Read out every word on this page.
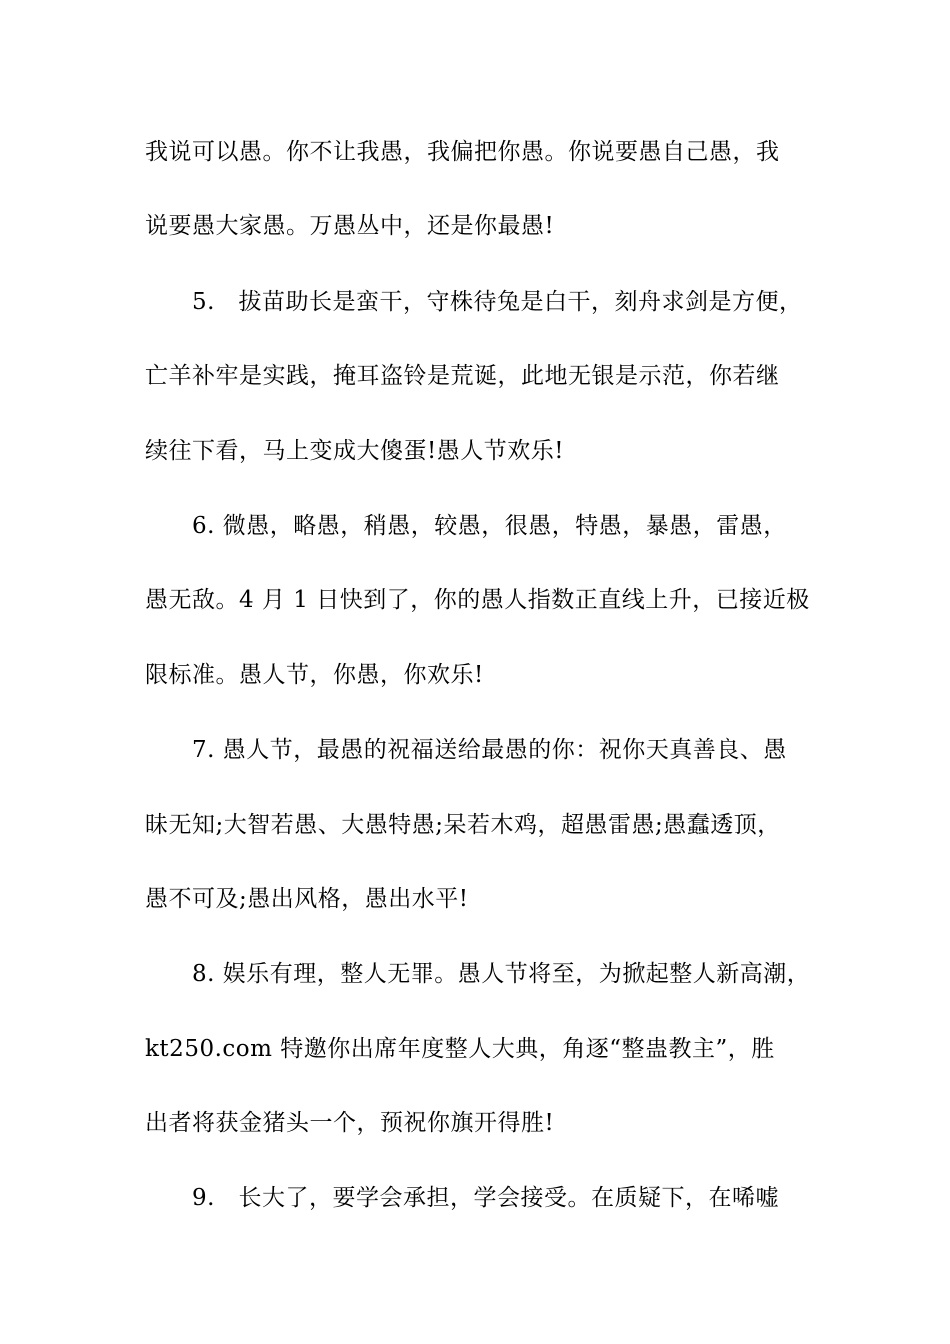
我说可以愚。你不让我愚，我偏把你愚。你说要愚自己愚，我
说要愚大家愚。万愚丛中，还是你最愚!
5.　拔苗助长是蛮干，守株待兔是白干，刻舟求剑是方便，
亡羊补牢是实践，掩耳盗铃是荒诞，此地无银是示范，你若继
续往下看，马上变成大傻蛋!愚人节欢乐!
6. 微愚，略愚，稍愚，较愚，很愚，特愚，暴愚，雷愚，
愚无敌。4 月 1 日快到了，你的愚人指数正直线上升，已接近极
限标准。愚人节，你愚，你欢乐!
7. 愚人节，最愚的祝福送给最愚的你：祝你天真善良、愚
昧无知;大智若愚、大愚特愚;呆若木鸡，超愚雷愚;愚蠢透顶，
愚不可及;愚出风格，愚出水平!
8. 娱乐有理，整人无罪。愚人节将至，为掀起整人新高潮，
kt250.com 特邀你出席年度整人大典，角逐“整蛊教主”，胜
出者将获金猪头一个，预祝你旗开得胜!
9.　长大了，要学会承担，学会接受。在质疑下，在唏嘘
